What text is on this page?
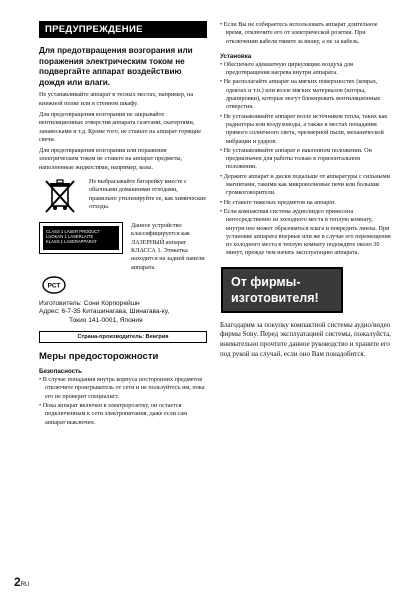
ПРЕДУПРЕЖДЕНИЕ
Для предотвращения возгорания или поражения электрическим током не подвергайте аппарат воздействию дождя или влаги.
Не устанавливайте аппарат в тесных местах, например, на книжной полке или в стенном шкафу.
Для предотвращения возгорания не закрывайте вентиляционные отверстия аппарата газетами, скатертями, занавесками и т.д. Кроме того, не ставьте на аппарат горящие свечи.
Для предотвращения возгорания или поражения электрическим током не ставьте на аппарат предметы, наполненные жидкостями, например, вазы.
Не выбрасывайте батарейку вместе с обычными домашними отходами, правильно утилизируйте ее, как химические отходы.
CLASS 1 LASER PRODUCT
LUOKAN 1 LASERLAITE
KLASS 1 LASERAPPARAT
Данное устройство классифицируется как ЛАЗЕРНЫЙ аппарат КЛАССА 1. Этикетка находится на задней панели аппарата.
РСТ
Изготовитель: Сони Корпорейшн
Адрес: 6-7-35 Киташинагава, Шинагава-ку,
Токио 141-0001, Япония
Страна-производитель: Венгрия
Меры предосторожности
Безопасность
• В случае попадания внутрь корпуса посторонних предметов отключите проигрыватель от сети и не пользуйтесь им, пока его не проверит специалист.
• Пока аппарат включен в электророзетку, он остается подключенным к сети электропитания, даже если сам аппарат выключен.
• Если Вы не собираетесь использовать аппарат длительное время, отключите его от электрической розетки. При отключении кабеля тяните за вилку, а не за кабель.
Установка
• Обеспечьте адекватную циркуляцию воздуха для предотвращения нагрева внутри аппарата.
• Не располагайте аппарат на мягких поверхностях (коврах, одеялах и т.п.) или возле мягких материалов (шторы, драпировки), которые могут блокировать вентиляционные отверстия.
• Не устанавливайте аппарат возле источников тепла, таких как радиаторы или воздуховоды, а также в местах попадания прямого солнечного света, чрезмерной пыли, механической вибрации и ударов.
• Не устанавливайте аппарат в наклонном положении. Он предназначен для работы только в горизонтальном положении.
• Держите аппарат и диски подальше от аппаратуры с сильными магнитами, такими как микроволновые печи или большие громкоговорители.
• Не ставьте тяжелых предметов на аппарат.
• Если компактная система аудио/видео принесена непосредственно из холодного места в теплую комнату, внутри нее может образоваться влага и повредить линзы. При установке аппарата впервые или же в случае его перемещения из холодного места в теплую комнату подождите около 30 минут, прежде чем начать эксплуатацию аппарата.
От фирмы-
изготовителя!
Благодарим за покупку компактной системы аудио/видео фирмы Sony. Перед эксплуатацией системы, пожалуйста, внимательно прочтите данное руководство и храните его под рукой на случай, если оно Вам понадобится.
2RU
